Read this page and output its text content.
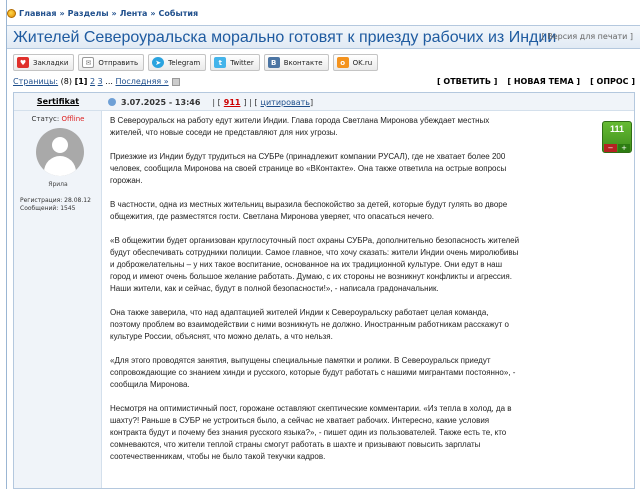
Главная » Разделы » Лента » События
Жителей Североуральска морально готовят к приезду рабочих из Индии
[ Версия для печати ]
♥ Закладки	✉	Отправить	➤	Telegram	t	Twitter	B	Вконтакте	o	OK.ru
Страницы:
(8)
[1]
2
3
...
Последняя »	[ ОТВЕТИТЬ ] [ НОВАЯ ТЕМА ] [ ОПРОС ]
Sertifikat	3.07.2025 - 13:46 | [ 911 ] | [ цитировать ]
Статус: Offline
Ярила
Регистрация: 28.08.12
Сообщений: 1545

В Североуральск на работу едут жители Индии. Глава города Светлана Миронова убеждает местных жителей, что новые соседи не представляют для них угрозы.

Приезжие из Индии будут трудиться на СУБРе (принадлежит компании РУСАЛ), где не хватает более 200 человек, сообщила Миронова на своей странице во «ВКонтакте». Она также ответила на острые вопросы горожан.

В частности, одна из местных жительниц выразила беспокойство за детей, которые будут гулять во дворе общежития, где разместятся гости. Светлана Миронова уверяет, что опасаться нечего.

«В общежитии будет организован круглосуточный пост охраны СУБРа, дополнительно безопасность жителей будут обеспечивать сотрудники полиции. Самое главное, что хочу сказать: жители Индии очень миролюбивы и доброжелательны – у них такое воспитание, основанное на их традиционной культуре. Они едут в наш город и имеют очень большое желание работать. Думаю, с их стороны не возникнут конфликты и агрессия. Наши жители, как и сейчас, будут в полной безопасности!», - написала градоначальник.

Она также заверила, что над адаптацией жителей Индии к Североуральску работает целая команда, поэтому проблем во взаимодействии с ними возникнуть не должно. Иностранным работникам расскажут о культуре России, объяснят, что можно делать, а что нельзя.

«Для этого проводятся занятия, выпущены специальные памятки и ролики. В Североуральск приедут сопровождающие со знанием хинди и русского, которые будут работать с нашими мигрантами постоянно», - сообщила Миронова.

Несмотря на оптимистичный пост, горожане оставляют скептические комментарии. «Из тепла в холод, да в шахту?! Раньше в СУБР не устроиться было, а сейчас не хватает рабочих. Интересно, какие условия контракта будут и почему без знания русского языка?», - пишет один из пользователей. Также есть те, кто сомневаются, что жители теплой страны смогут работать в шахте и призывают повысить зарплаты соотечественникам, чтобы не было такой текучки кадров.

111
−	+
